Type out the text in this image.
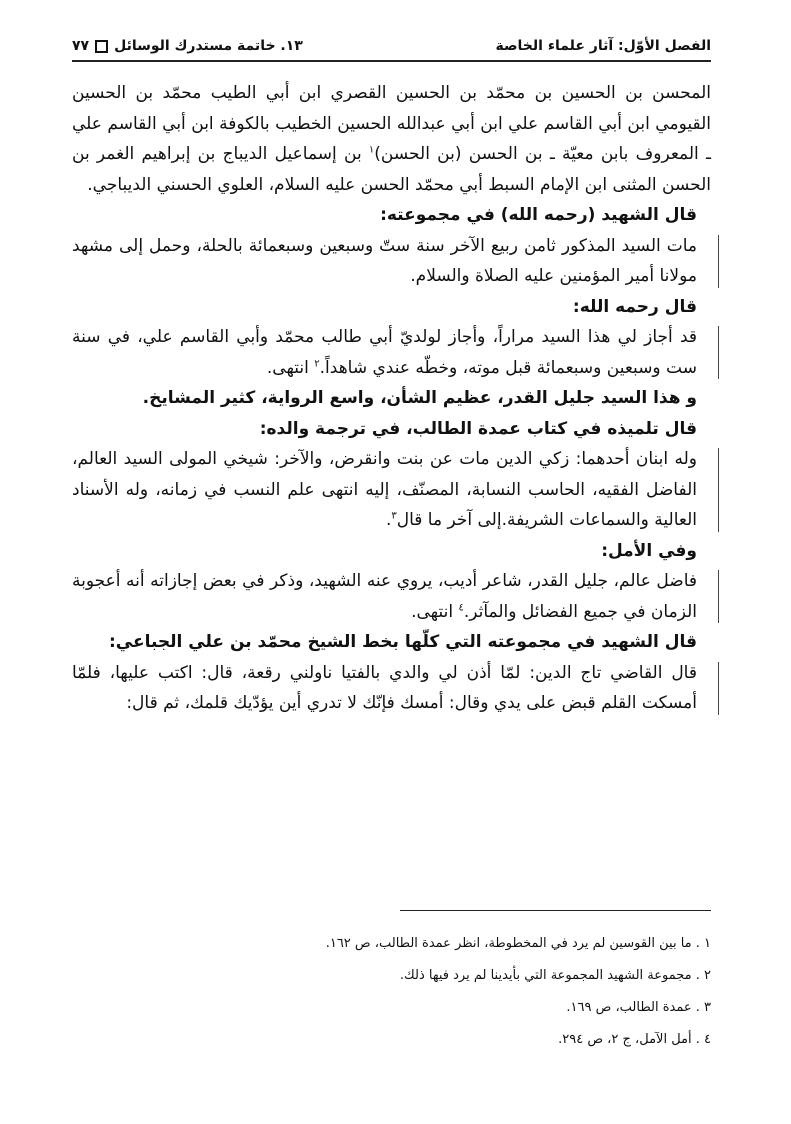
الفصل الأوّل: آثار علماء الخاصة
١٣. خاتمة مستدرك الوسائل
٧٧

المحسن بن الحسين بن محمّد بن الحسين القصري ابن أبي الطيب محمّد بن الحسين القيومي ابن أبي القاسم علي ابن أبي عبدالله الحسين الخطيب بالكوفة ابن أبي القاسم علي ـ المعروف بابن معيّة ـ بن الحسن (بن الحسن)$^١$ بن إسماعيل الديباج بن إبراهيم الغمر بن الحسن المثنى ابن الإمام السبط أبي محمّد الحسن عليه السلام، العلوي الحسني الديباجي.

قال الشهيد (رحمه الله) في مجموعته:

مات السيد المذكور ثامن ربيع الآخر سنة ستّ وسبعين وسبعمائة بالحلة، وحمل إلى مشهد مولانا أمير المؤمنين عليه الصلاة والسلام.

قال رحمه الله:

قد أجاز لي هذا السيد مراراً، وأجاز لولديّ أبي طالب محمّد وأبي القاسم علي، في سنة ست وسبعين وسبعمائة قبل موته، وخطّه عندي شاهداً.$^٢$ انتهى.

و هذا السيد جليل القدر، عظيم الشأن، واسع الرواية، كثير المشايخ.

قال تلميذه في كتاب عمدة الطالب، في ترجمة والده:

وله ابنان أحدهما: زكي الدين مات عن بنت وانقرض، والآخر: شيخي المولى السيد العالم، الفاضل الفقيه، الحاسب النسابة، المصنّف، إليه انتهى علم النسب في زمانه، وله الأسناد العالية والسماعات الشريفة.إلى آخر ما قال$^٣$.

وفي الأمل:

فاضل عالم، جليل القدر، شاعر أديب، يروي عنه الشهيد، وذكر في بعض إجازاته أنه أعجوبة الزمان في جميع الفضائل والمآثر.$^٤$ انتهى.

قال الشهيد في مجموعته التي كلّها بخط الشيخ محمّد بن علي الجباعي:

قال القاضي تاج الدين: لمّا أذن لي والدي بالفتيا ناولني رقعة، قال: اكتب عليها، فلمّا أمسكت القلم قبض على يدي وقال: أمسك فإنّك لا تدري أين يؤدّيك قلمك، ثم قال:

١ . ما بين القوسين لم يرد في المخطوطة، انظر عمدة الطالب، ص ١٦٢.
٢ . مجموعة الشهيد المجموعة التي بأيدينا لم يرد فيها ذلك.
٣ . عمدة الطالب، ص ١٦٩.
٤ . أمل الآمل، ج ٢، ص ٢٩٤.
